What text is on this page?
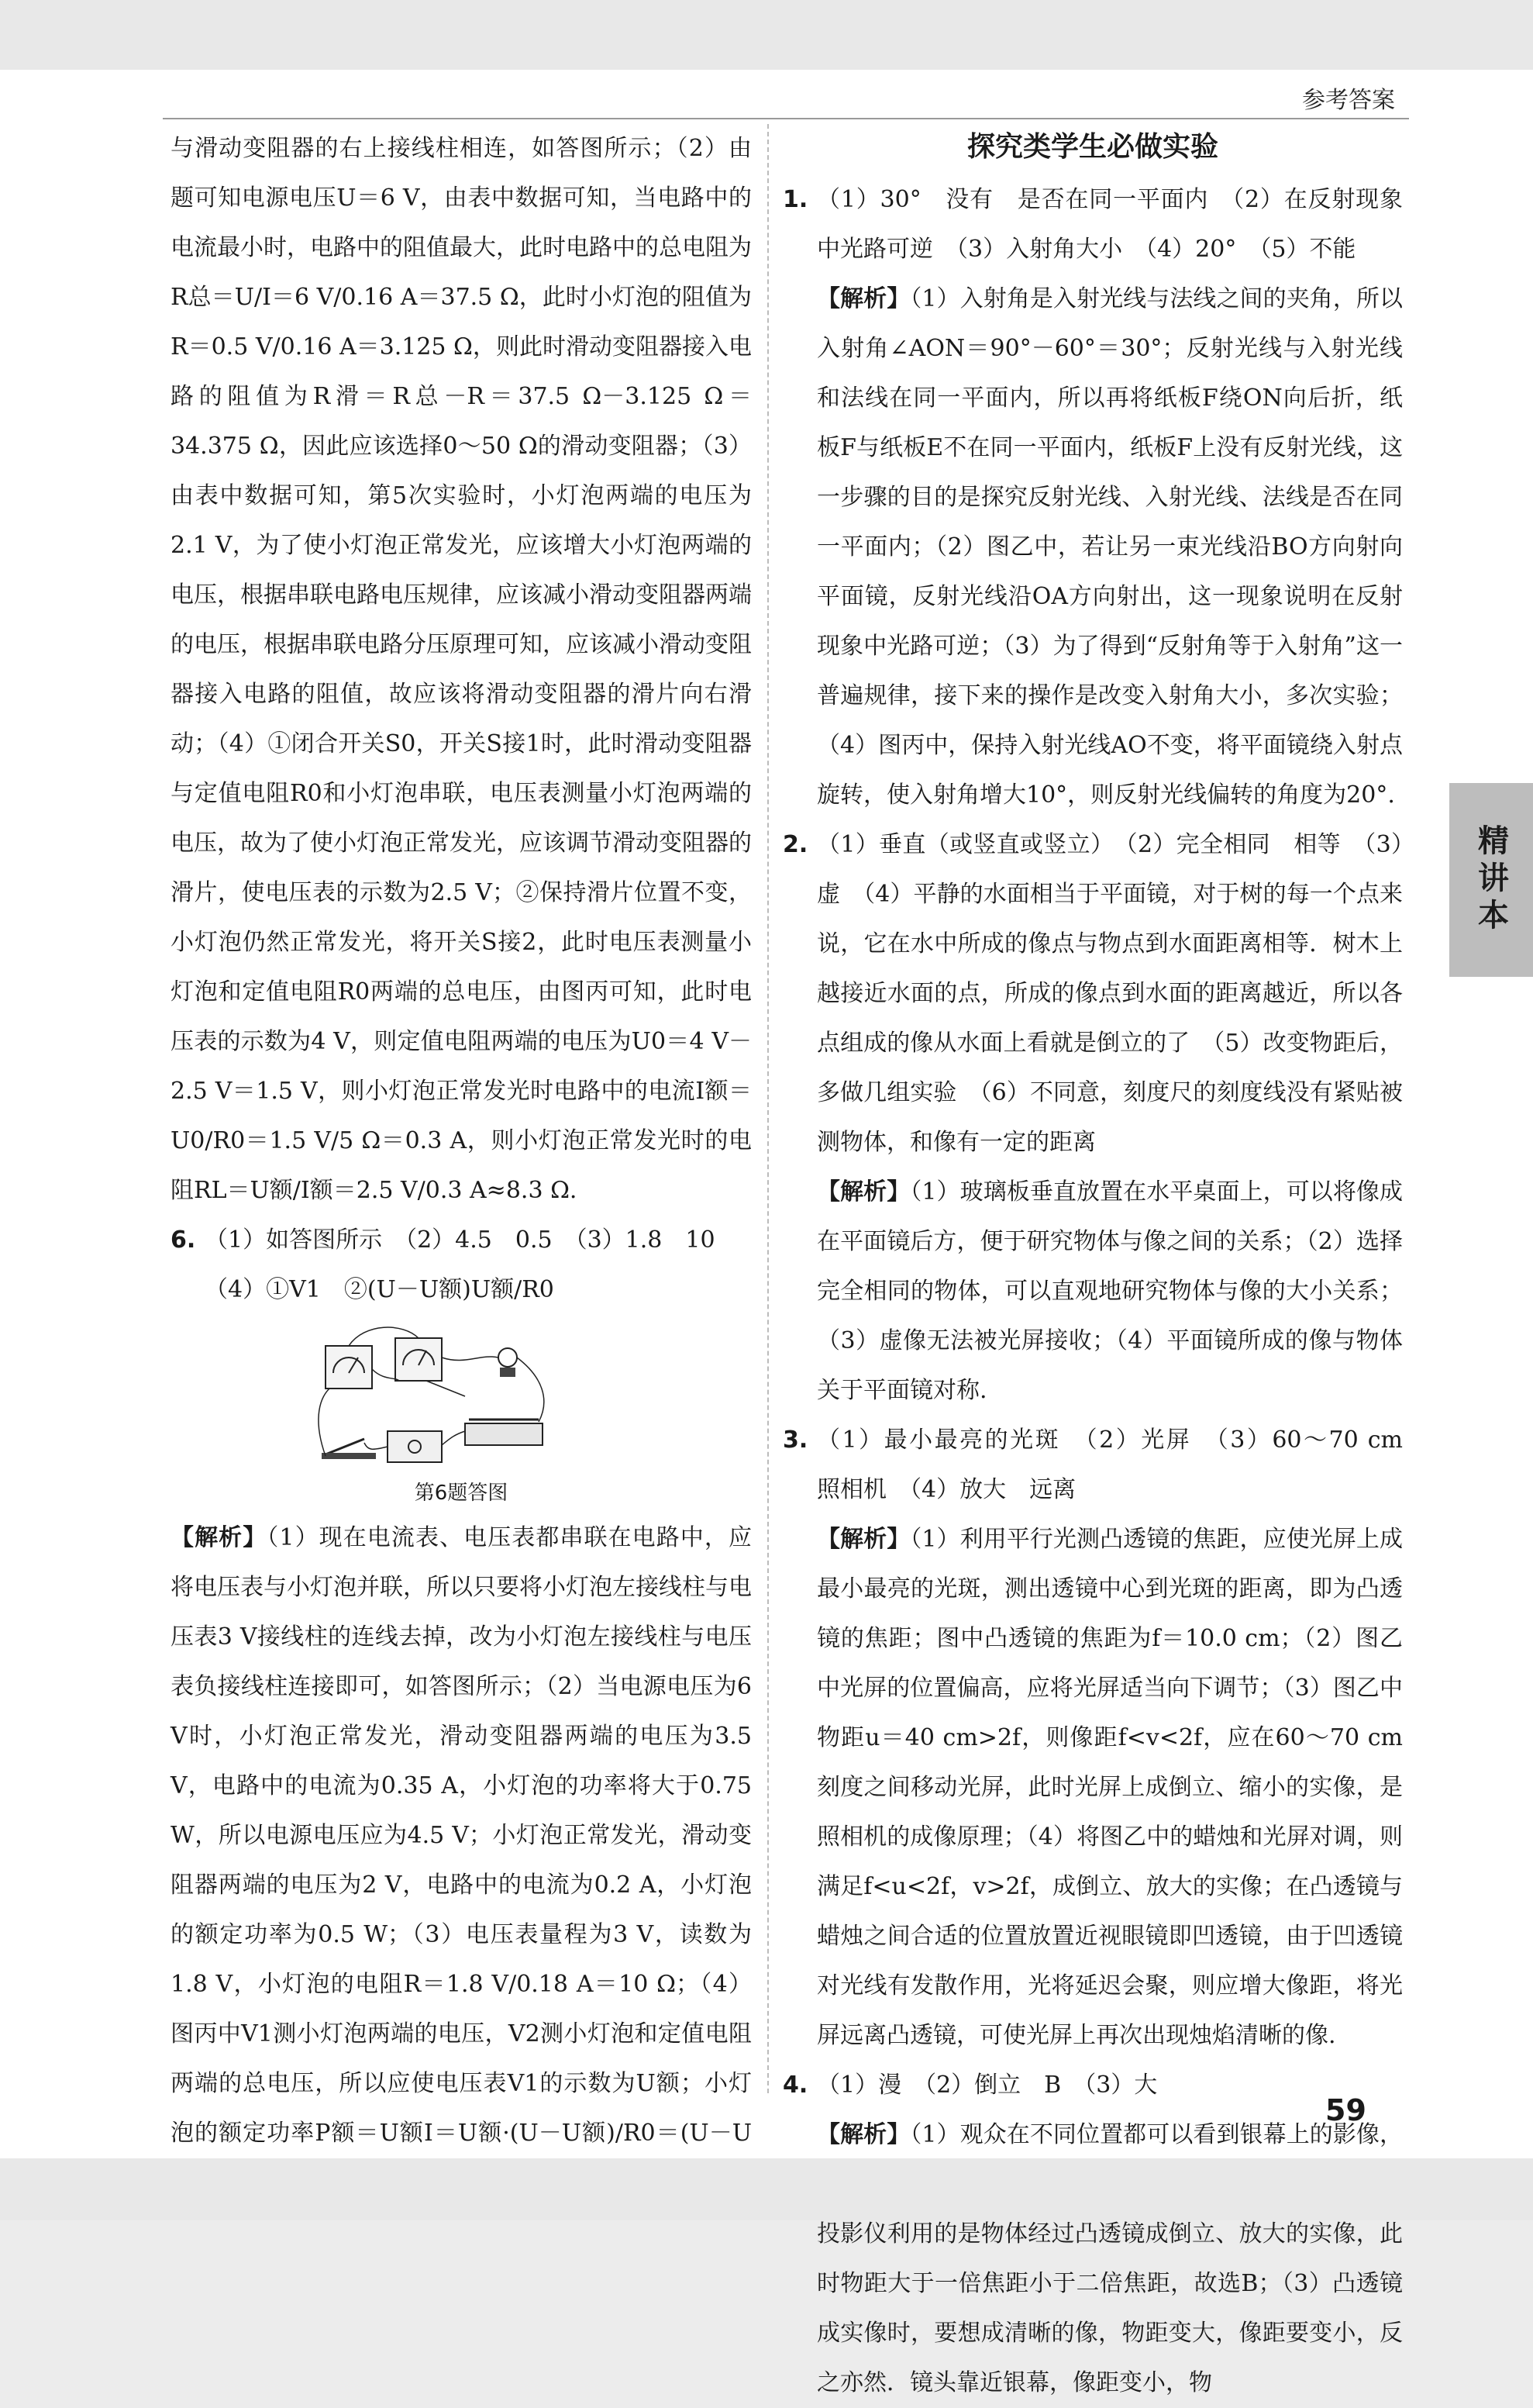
参考答案

与滑动变阻器的右上接线柱相连，如答图所示；（2）由题可知电源电压U＝6 V，由表中数据可知，当电路中的电流最小时，电路中的阻值最大，此时电路中的总电阻为R总＝U/I＝6 V/0.16 A＝37.5 Ω，此时小灯泡的阻值为R＝0.5 V/0.16 A＝3.125 Ω，则此时滑动变阻器接入电路的阻值为R滑＝R总－R＝37.5 Ω－3.125 Ω＝34.375 Ω，因此应该选择0～50 Ω的滑动变阻器；（3）由表中数据可知，第5次实验时，小灯泡两端的电压为2.1 V，为了使小灯泡正常发光，应该增大小灯泡两端的电压，根据串联电路电压规律，应该减小滑动变阻器两端的电压，根据串联电路分压原理可知，应该减小滑动变阻器接入电路的阻值，故应该将滑动变阻器的滑片向右滑动；（4）①闭合开关S0，开关S接1时，此时滑动变阻器与定值电阻R0和小灯泡串联，电压表测量小灯泡两端的电压，故为了使小灯泡正常发光，应该调节滑动变阻器的滑片，使电压表的示数为2.5 V；②保持滑片位置不变，小灯泡仍然正常发光，将开关S接2，此时电压表测量小灯泡和定值电阻R0两端的总电压，由图丙可知，此时电压表的示数为4 V，则定值电阻两端的电压为U0＝4 V－2.5 V＝1.5 V，则小灯泡正常发光时电路中的电流I额＝U0/R0＝1.5 V/5 Ω＝0.3 A，则小灯泡正常发光时的电阻RL＝U额/I额＝2.5 V/0.3 A≈8.3 Ω.

6. （1）如答图所示　（2）4.5　0.5　（3）1.8　10
（4）①V1　②(U－U额)U额/R0
第6题答图

【解析】（1）现在电流表、电压表都串联在电路中，应将电压表与小灯泡并联，所以只要将小灯泡左接线柱与电压表3 V接线柱的连线去掉，改为小灯泡左接线柱与电压表负接线柱连接即可，如答图所示；（2）当电源电压为6 V时，小灯泡正常发光，滑动变阻器两端的电压为3.5 V，电路中的电流为0.35 A，小灯泡的功率将大于0.75 W，所以电源电压应为4.5 V；小灯泡正常发光，滑动变阻器两端的电压为2 V，电路中的电流为0.2 A，小灯泡的额定功率为0.5 W；（3）电压表量程为3 V，读数为1.8 V，小灯泡的电阻R＝1.8 V/0.18 A＝10 Ω；（4）图丙中V1测小灯泡两端的电压，V2测小灯泡和定值电阻两端的总电压，所以应使电压表V1的示数为U额；小灯泡的额定功率P额＝U额I＝U额·(U－U额)/R0＝(U－U

探究类学生必做实验
1. （1）30°　没有　是否在同一平面内　（2）在反射现象中光路可逆　（3）入射角大小　（4）20°　（5）不能
【解析】（1）入射角是入射光线与法线之间的夹角，所以入射角∠AON＝90°－60°＝30°；反射光线与入射光线和法线在同一平面内，所以再将纸板F绕ON向后折，纸板F与纸板E不在同一平面内，纸板F上没有反射光线，这一步骤的目的是探究反射光线、入射光线、法线是否在同一平面内；（2）图乙中，若让另一束光线沿BO方向射向平面镜，反射光线沿OA方向射出，这一现象说明在反射现象中光路可逆；（3）为了得到“反射角等于入射角”这一普遍规律，接下来的操作是改变入射角大小，多次实验；（4）图丙中，保持入射光线AO不变，将平面镜绕入射点旋转，使入射角增大10°，则反射光线偏转的角度为20°.
2. （1）垂直（或竖直或竖立）　（2）完全相同　相等　（3）虚　（4）平静的水面相当于平面镜，对于树的每一个点来说，它在水中所成的像点与物点到水面距离相等．树木上越接近水面的点，所成的像点到水面的距离越近，所以各点组成的像从水面上看就是倒立的了　（5）改变物距后，多做几组实验　（6）不同意，刻度尺的刻度线没有紧贴被测物体，和像有一定的距离
【解析】（1）玻璃板垂直放置在水平桌面上，可以将像成在平面镜后方，便于研究物体与像之间的关系；（2）选择完全相同的物体，可以直观地研究物体与像的大小关系；（3）虚像无法被光屏接收；（4）平面镜所成的像与物体关于平面镜对称.
3. （1）最小最亮的光斑　（2）光屏　（3）60～70 cm　照相机　（4）放大　远离
【解析】（1）利用平行光测凸透镜的焦距，应使光屏上成最小最亮的光斑，测出透镜中心到光斑的距离，即为凸透镜的焦距；图中凸透镜的焦距为f＝10.0 cm；（2）图乙中光屏的位置偏高，应将光屏适当向下调节；（3）图乙中物距u＝40 cm>2f，则像距f<v<2f，应在60～70 cm刻度之间移动光屏，此时光屏上成倒立、缩小的实像，是照相机的成像原理；（4）将图乙中的蜡烛和光屏对调，则满足f<u<2f，v>2f，成倒立、放大的实像；在凸透镜与蜡烛之间合适的位置放置近视眼镜即凹透镜，由于凹透镜对光线有发散作用，光将延迟会聚，则应增大像距，将光屏远离凸透镜，可使光屏上再次出现烛焰清晰的像.
4. （1）漫　（2）倒立　B　（3）大
【解析】（1）观众在不同位置都可以看到银幕上的影像， 投影仪利用的是物体经过凸透镜成倒立、放大的实像，此时物距大于一倍焦距小于二倍焦距，故选B；（3）凸透镜成实像时，要想成清晰的像，物距变大，像距要变小，反之亦然．镜头靠近银幕，像距变小，物
精讲本
59
